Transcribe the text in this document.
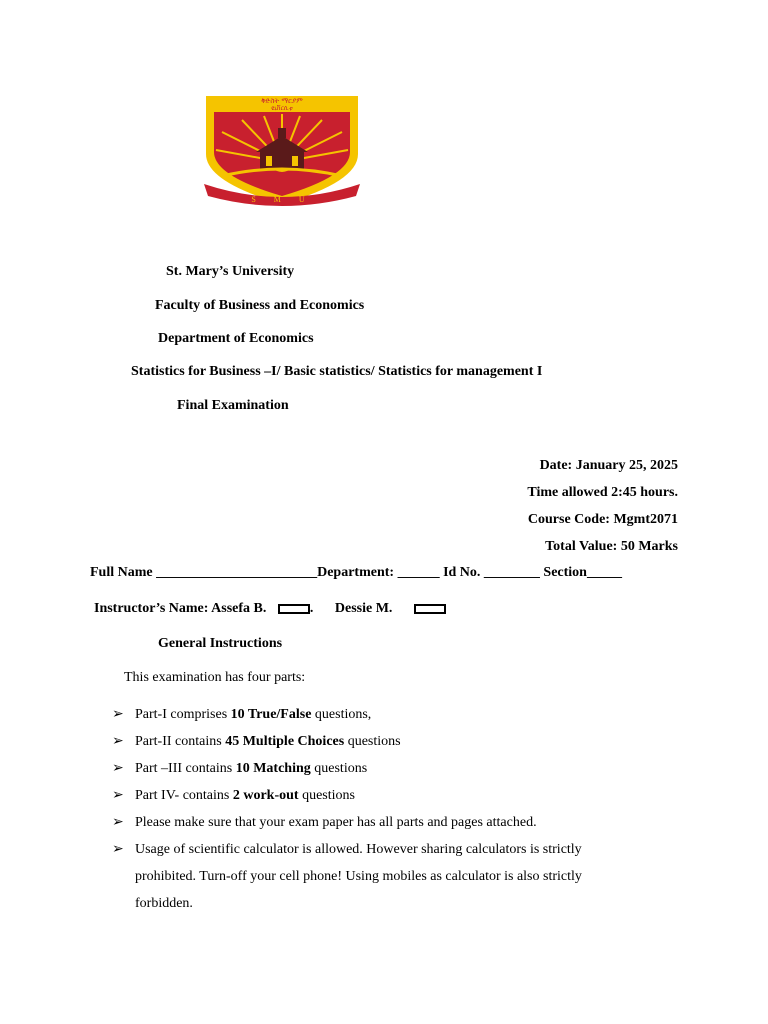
ቅድስት ማርያም
ዩኒቨርሲቲ
S M U
St. Mary’s University
Faculty of Business and Economics
Department of Economics
Statistics for Business –I/ Basic statistics/ Statistics for management I
Final Examination
Date: January 25, 2025
Time allowed 2:45 hours.
Course Code: Mgmt2071
Total Value: 50 Marks
Full Name _______________________Department: ______ Id No. ________ Section_____
Instructor’s Name: Assefa B.	. Dessie M.
General Instructions
This examination has four parts:
➢ Part-I comprises 10 True/False questions,
➢ Part-II contains 45 Multiple Choices questions
➢ Part –III contains 10 Matching questions
➢ Part IV- contains 2 work-out questions
➢ Please make sure that your exam paper has all parts and pages attached.
➢ Usage of scientific calculator is allowed. However sharing calculators is strictly
prohibited. Turn-off your cell phone! Using mobiles as calculator is also strictly
forbidden.
